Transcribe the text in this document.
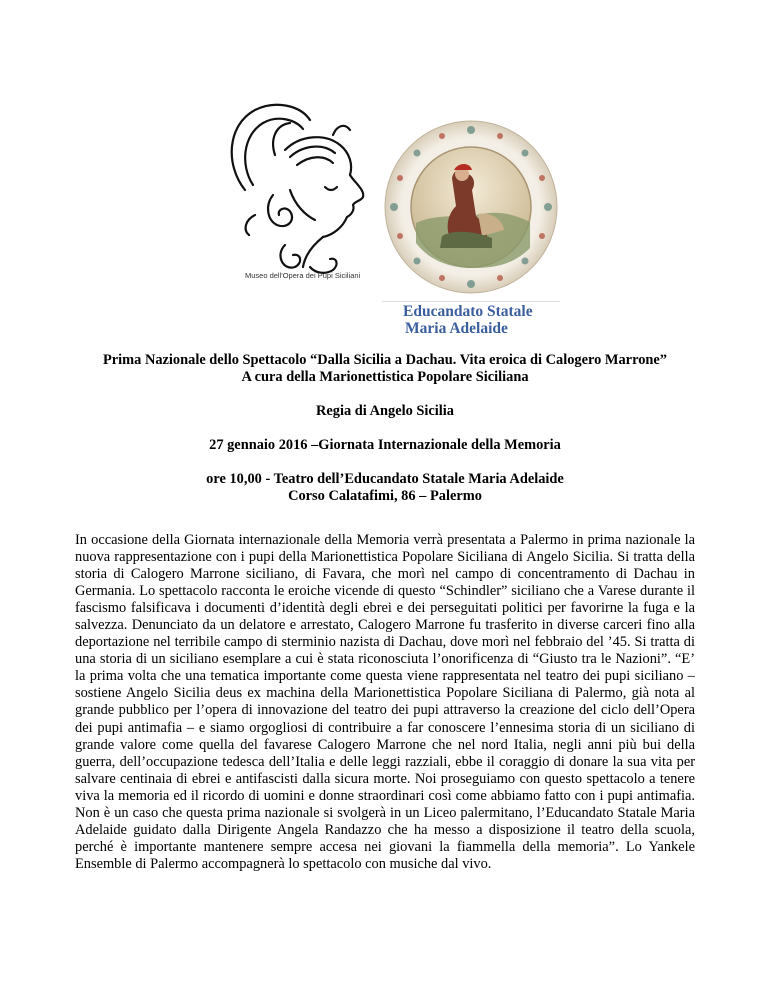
Museo dell'Opera dei Pupi Siciliani
Educandato Statale
Maria Adelaide
Prima Nazionale dello Spettacolo “Dalla Sicilia a Dachau. Vita eroica di Calogero Marrone”
A cura della Marionettistica Popolare Siciliana
Regia di Angelo Sicilia
27 gennaio 2016 –Giornata Internazionale della Memoria
ore 10,00 - Teatro dell’Educandato Statale Maria Adelaide
Corso Calatafimi, 86 – Palermo
In occasione della Giornata internazionale della Memoria verrà presentata a Palermo in prima nazionale la nuova rappresentazione con i pupi della Marionettistica Popolare Siciliana di Angelo Sicilia. Si tratta della storia di Calogero Marrone siciliano, di Favara, che morì nel campo di concentramento di Dachau in Germania. Lo spettacolo racconta le eroiche vicende di questo “Schindler” siciliano che a Varese durante il fascismo falsificava i documenti d’identità degli ebrei e dei perseguitati politici per favorirne la fuga e la salvezza. Denunciato da un delatore e arrestato, Calogero Marrone fu trasferito in diverse carceri fino alla deportazione nel terribile campo di sterminio nazista di Dachau, dove morì nel febbraio del ’45. Si tratta di una storia di un siciliano esemplare a cui è stata riconosciuta l’onorificenza di “Giusto tra le Nazioni”. “E’ la prima volta che una tematica importante come questa viene rappresentata nel teatro dei pupi siciliano – sostiene Angelo Sicilia deus ex machina della Marionettistica Popolare Siciliana di Palermo, già nota al grande pubblico per l’opera di innovazione del teatro dei pupi attraverso la creazione del ciclo dell’Opera dei pupi antimafia – e siamo orgogliosi di contribuire a far conoscere l’ennesima storia di un siciliano di grande valore come quella del favarese Calogero Marrone che nel nord Italia, negli anni più bui della guerra, dell’occupazione tedesca dell’Italia e delle leggi razziali, ebbe il coraggio di donare la sua vita per salvare centinaia di ebrei e antifascisti dalla sicura morte. Noi proseguiamo con questo spettacolo a tenere viva la memoria ed il ricordo di uomini e donne straordinari così come abbiamo fatto con i pupi antimafia. Non è un caso che questa prima nazionale si svolgerà in un Liceo palermitano, l’Educandato Statale Maria Adelaide guidato dalla Dirigente Angela Randazzo che ha messo a disposizione il teatro della scuola, perché è importante mantenere sempre accesa nei giovani la fiammella della memoria”. Lo Yankele Ensemble di Palermo accompagnerà lo spettacolo con musiche dal vivo.
